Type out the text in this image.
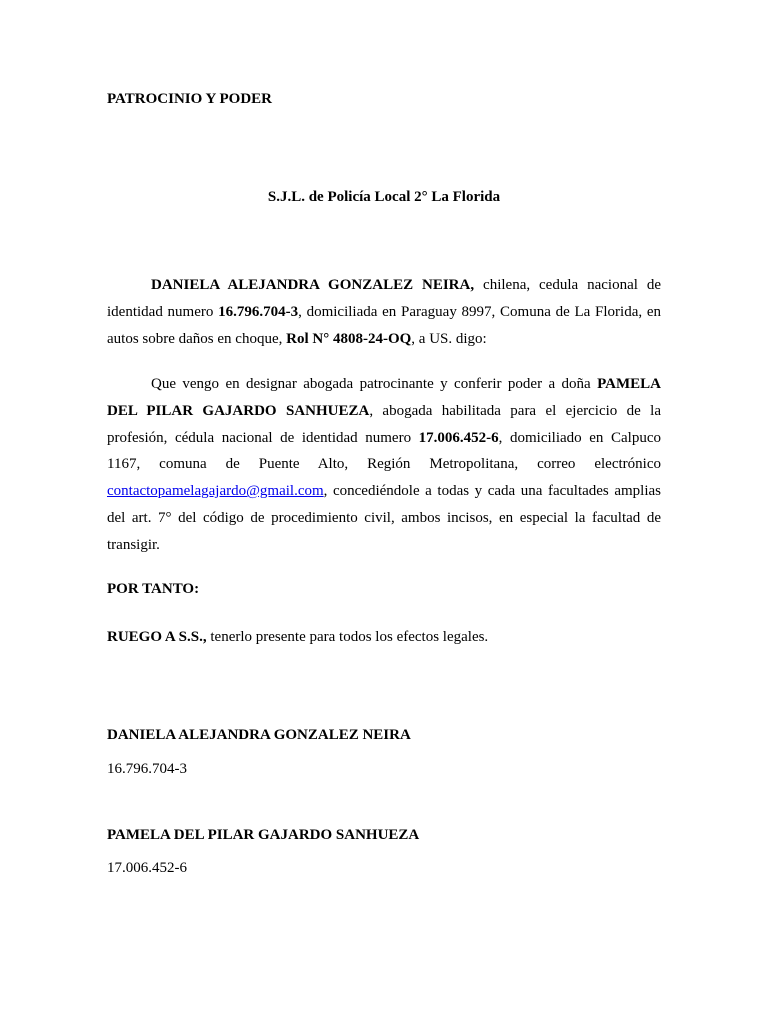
PATROCINIO Y PODER

S.J.L. de Policía Local 2° La Florida

DANIELA ALEJANDRA GONZALEZ NEIRA, chilena, cedula nacional de identidad numero 16.796.704-3, domiciliada en Paraguay 8997, Comuna de La Florida, en autos sobre daños en choque, Rol N° 4808-24-OQ, a US. digo:

Que vengo en designar abogada patrocinante y conferir poder a doña PAMELA DEL PILAR GAJARDO SANHUEZA, abogada habilitada para el ejercicio de la profesión, cédula nacional de identidad numero 17.006.452-6, domiciliado en Calpuco 1167, comuna de Puente Alto, Región Metropolitana, correo electrónico contactopamelagajardo@gmail.com, concediéndole a todas y cada una facultades amplias del art. 7° del código de procedimiento civil, ambos incisos, en especial la facultad de transigir.

POR TANTO:

RUEGO A S.S., tenerlo presente para todos los efectos legales.

DANIELA ALEJANDRA GONZALEZ NEIRA

16.796.704-3

PAMELA DEL PILAR GAJARDO SANHUEZA

17.006.452-6
